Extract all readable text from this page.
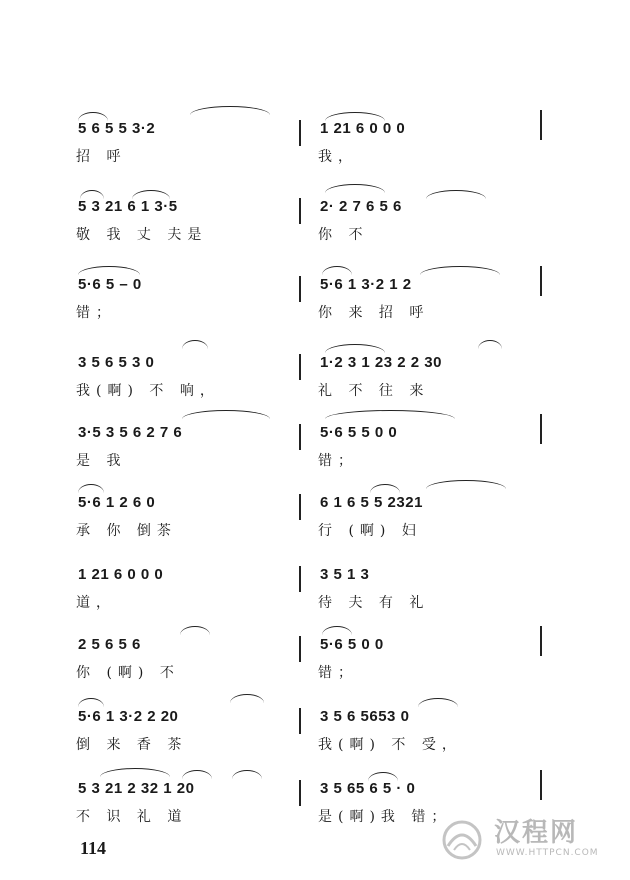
5 6 5 5 3·2
招 呼
1 21 6 0 0 0
我，
5 3 21 6 1 3·5
敬 我 丈 夫是
2· 2 7 6 5 6
你 不
5·6 5 – 0
错；
5·6 1 3·2 1 2
你 来 招 呼
3 5 6 5 3 0
我(啊) 不 响，
1·2 3 1 23 2 2 30
礼 不 往 来
3·5 3 5 6 2 7 6
是 我
5·6 5 5 0 0
错；
5·6 1 2 6 0
承 你 倒茶
6 1 6 5 5 2321
行 (啊) 妇
1 21 6 0 0 0
道，
3 5 1 3
待 夫 有 礼
2 5 6 5 6
你 (啊) 不
5·6 5 0 0
错；
5·6 1 3·2 2 20
倒 来 香 茶
3 5 6 5653 0
我(啊) 不 受，
5 3 21 2 32 1 20
不 识 礼 道
3 5 65 6 5 · 0
是(啊)我 错；
114	汉程网
WWW.HTTPCN.COM
